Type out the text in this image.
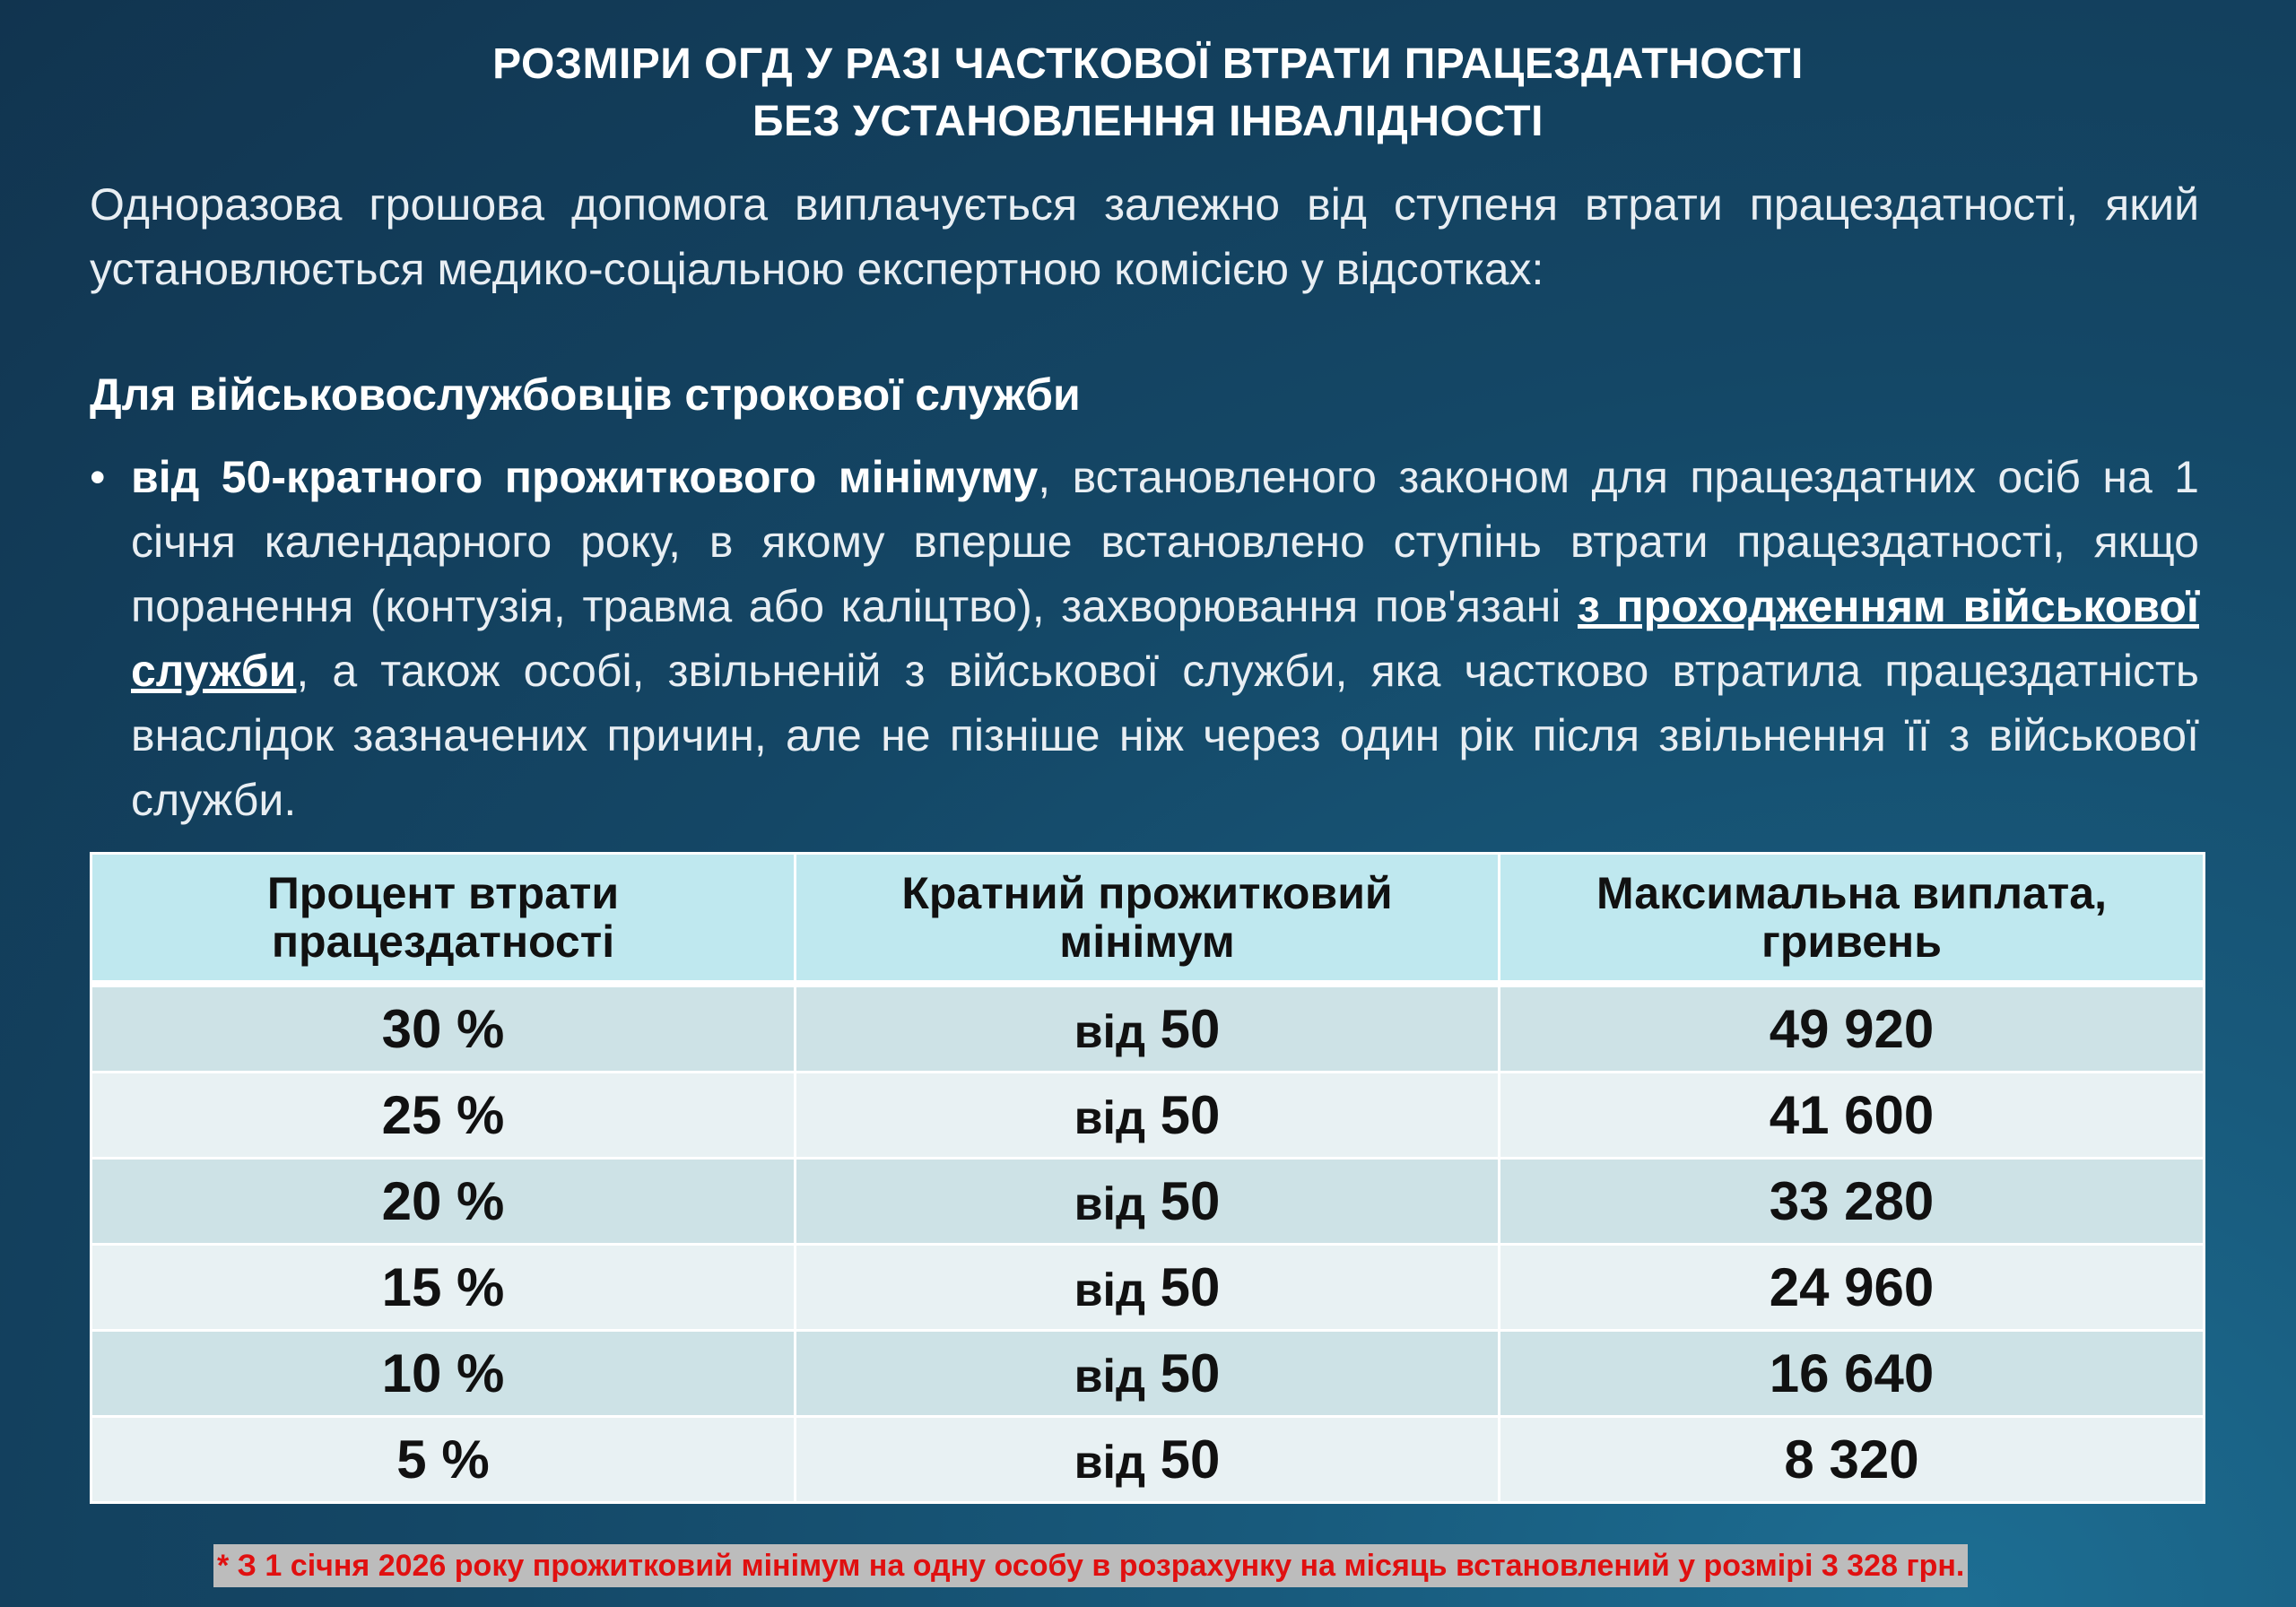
РОЗМІРИ ОГД У РАЗІ ЧАСТКОВОЇ ВТРАТИ ПРАЦЕЗДАТНОСТІ
БЕЗ УСТАНОВЛЕННЯ ІНВАЛІДНОСТІ
Одноразова грошова допомога виплачується залежно від ступеня втрати працездатності, який установлюється медико-соціальною експертною комісією у відсотках:
Для військовослужбовців строкової служби
• від 50-кратного прожиткового мінімуму, встановленого законом для працездатних осіб на 1 січня календарного року, в якому вперше встановлено ступінь втрати працездатності, якщо поранення (контузія, травма або каліцтво), захворювання пов'язані з проходженням військової служби, а також особі, звільненій з військової служби, яка частково втратила працездатність внаслідок зазначених причин, але не пізніше ніж через один рік після звільнення її з військової служби.
Процент втрати працездатності	Кратний прожитковий мінімум	Максимальна виплата, гривень
30 %	від 50	49 920
25 %	від 50	41 600
20 %	від 50	33 280
15 %	від 50	24 960
10 %	від 50	16 640
5 %	від 50	8 320
* З 1 січня 2026 року прожитковий мінімум на одну особу в розрахунку на місяць встановлений у розмірі 3 328 грн.
